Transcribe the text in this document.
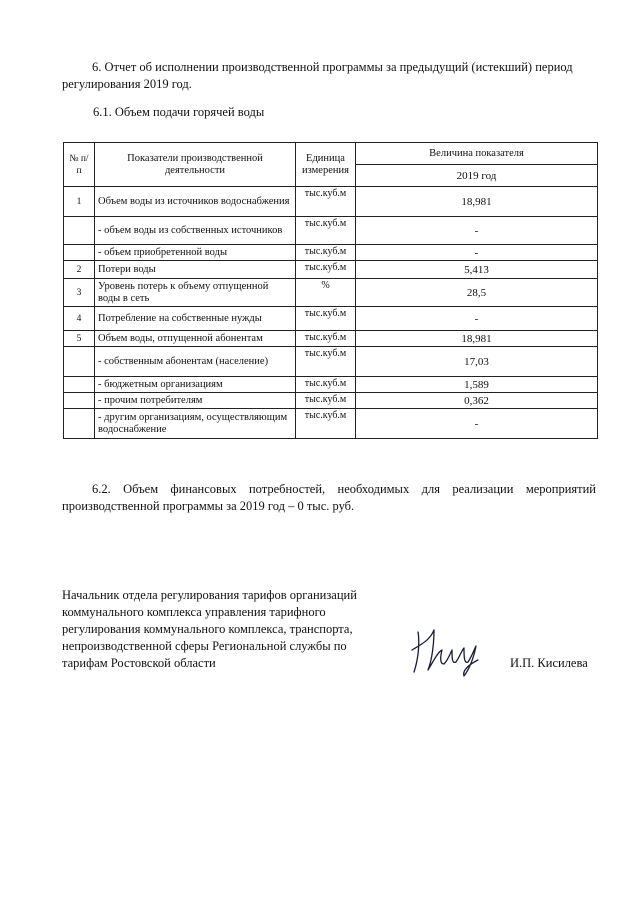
6. Отчет об исполнении производственной программы за предыдущий (истекший) период регулирования 2019 год.
6.1. Объем подачи горячей воды
№ п/п	Показатели производственной деятельности	Единица измерения	Величина показателя
			2019 год
1	Объем воды из источников водоснабжения	тыс.куб.м	18,981
	- объем воды из собственных источников	тыс.куб.м	-
	- объем приобретенной воды	тыс.куб.м	-
2	Потери воды	тыс.куб.м	5,413
3	Уровень потерь к объему отпущенной воды в сеть	%	28,5
4	Потребление на собственные нужды	тыс.куб.м	-
5	Объем воды, отпущенной абонентам	тыс.куб.м	18,981
	- собственным абонентам (население)	тыс.куб.м	17,03
	- бюджетным организациям	тыс.куб.м	1,589
	- прочим потребителям	тыс.куб.м	0,362
	- другим организациям, осуществляющим водоснабжение	тыс.куб.м	-
6.2. Объем финансовых потребностей, необходимых для реализации мероприятий производственной программы за 2019 год – 0 тыс. руб.
Начальник отдела регулирования тарифов организаций коммунального комплекса управления тарифного регулирования коммунального комплекса, транспорта, непроизводственной сферы Региональной службы по тарифам Ростовской области	И.П. Кисилева
